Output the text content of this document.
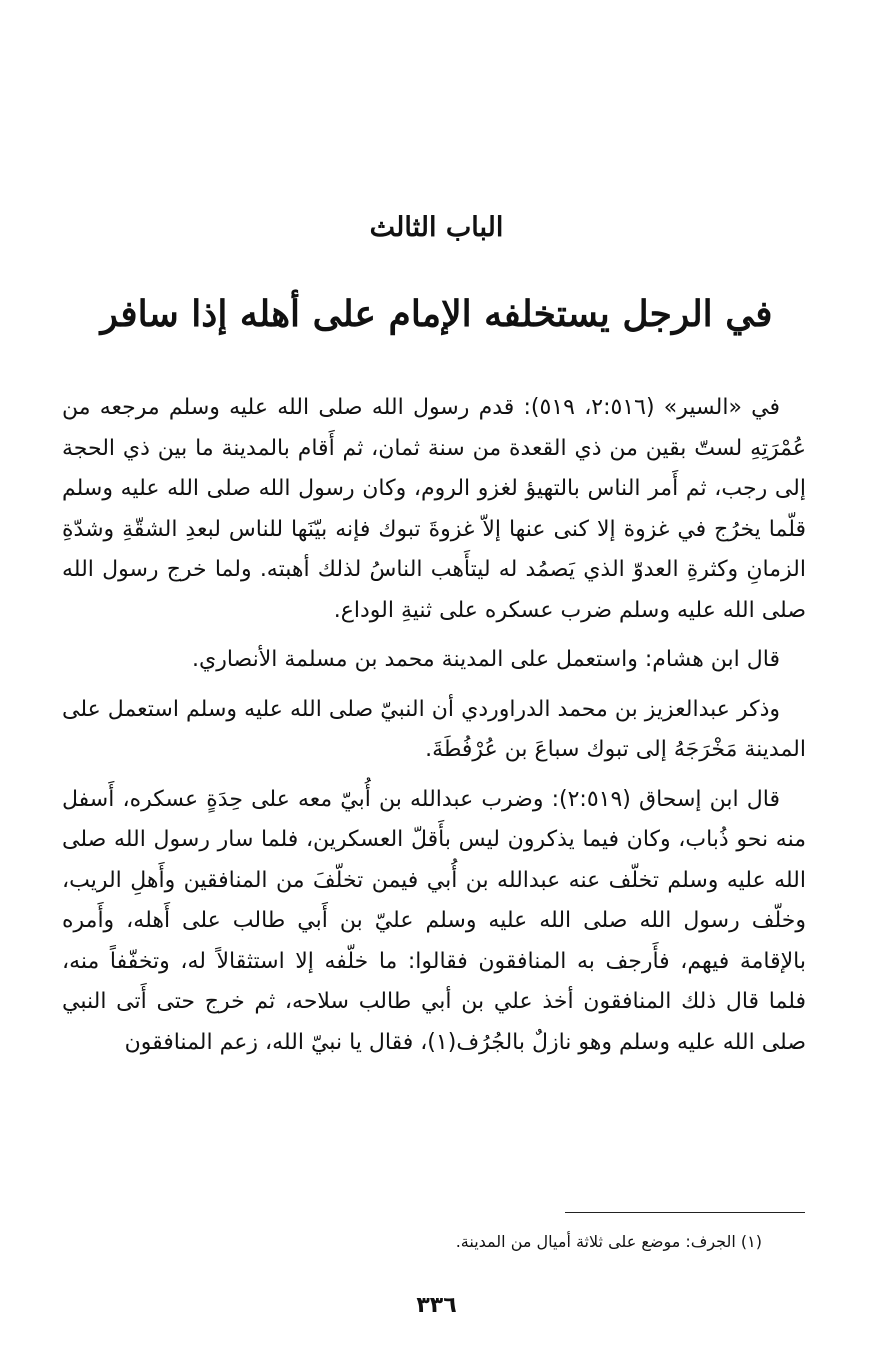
الباب الثالث
في الرجل يستخلفه الإمام على أهله إذا سافر

في «السير» (٢:٥١٦، ٥١٩): قدم رسول الله صلى الله عليه وسلم مرجعه من عُمْرَتِهِ لستّ بقين من ذي القعدة من سنة ثمان، ثم أَقام بالمدينة ما بين ذي الحجة إلى رجب، ثم أَمر الناس بالتهيؤ لغزو الروم، وكان رسول الله صلى الله عليه وسلم قلّما يخرُج في غزوة إلا كنى عنها إلاّ غزوةَ تبوك فإنه بيّنَها للناس لبعدِ الشقّةِ وشدّةِ الزمانِ وكثرةِ العدوّ الذي يَصمُد له ليتأَهب الناسُ لذلك أهبته. ولما خرج رسول الله صلى الله عليه وسلم ضرب عسكره على ثنيةِ الوداع.

قال ابن هشام: واستعمل على المدينة محمد بن مسلمة الأنصاري.

وذكر عبدالعزيز بن محمد الدراوردي أن النبيّ صلى الله عليه وسلم استعمل على المدينة مَخْرَجَهُ إلى تبوك سباعَ بن عُرْفُطَةَ.

قال ابن إسحاق (٢:٥١٩): وضرب عبدالله بن أُبيّ معه على حِدَةٍ عسكره، أَسفل منه نحو ذُباب، وكان فيما يذكرون ليس بأَقلّ العسكرين، فلما سار رسول الله صلى الله عليه وسلم تخلّف عنه عبدالله بن أُبي فيمن تخلّفَ من المنافقين وأَهلِ الريب، وخلّف رسول الله صلى الله عليه وسلم عليّ بن أَبي طالب على أَهله، وأَمره بالإقامة فيهم، فأَرجف به المنافقون فقالوا: ما خلّفه إلا استثقالاً له، وتخفّفاً منه، فلما قال ذلك المنافقون أخذ علي بن أبي طالب سلاحه، ثم خرج حتى أَتى النبي صلى الله عليه وسلم وهو نازلٌ بالجُرُف(١)، فقال يا نبيّ الله، زعم المنافقون

(١) الجرف: موضع على ثلاثة أميال من المدينة.
٣٣٦
